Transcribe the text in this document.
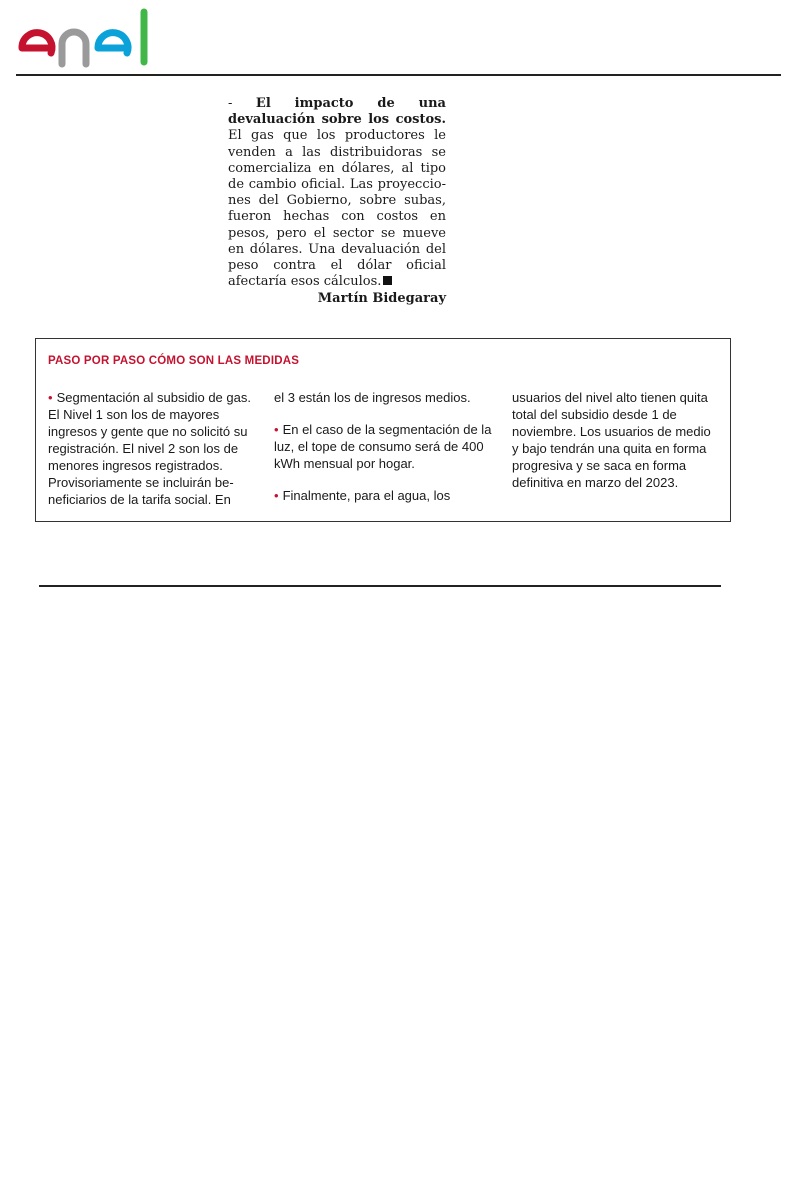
- El impacto de una devaluación sobre los costos. El gas que los productores le venden a las distribuidoras se comercializa en dólares, al tipo de cambio oficial. Las proyecciones del Gobierno, sobre subas, fueron hechas con costos en pesos, pero el sector se mueve en dólares. Una devaluación del peso contra el dólar oficial afectaría esos cálculos.
Martín Bidegaray
PASO POR PASO CÓMO SON LAS MEDIDAS

• Segmentación al subsidio de gas. El Nivel 1 son los de mayores ingresos y gente que no solicitó su registración. El nivel 2 son los de menores ingresos registrados. Provisoriamente se incluirán be-neficiarios de la tarifa social. En

el 3 están los de ingresos medios.

• En el caso de la segmentación de la luz, el tope de consumo será de 400 kWh mensual por hogar.

• Finalmente, para el agua, los

usuarios del nivel alto tienen quita total del subsidio desde 1 de noviembre. Los usuarios de medio y bajo tendrán una quita en forma progresiva y se saca en forma definitiva en marzo del 2023.
